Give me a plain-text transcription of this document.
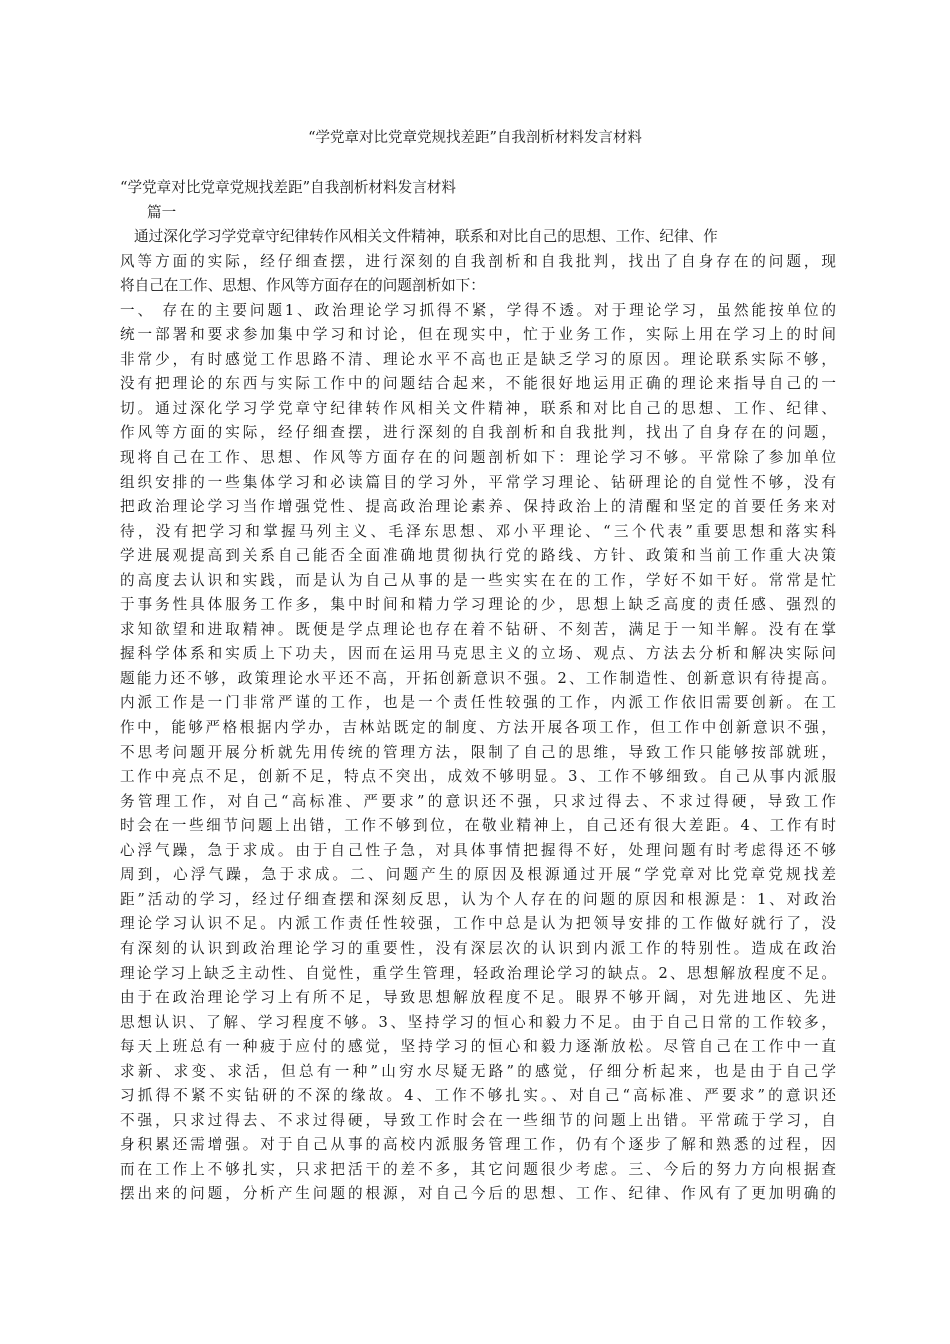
“学党章对比党章党规找差距”自我剖析材料发言材料
“学党章对比党章党规找差距”自我剖析材料发言材料
篇一
通过深化学习学党章守纪律转作风相关文件精神，联系和对比自己的思想、工作、纪律、作
风等方面的实际，经仔细查摆，进行深刻的自我剖析和自我批判，找出了自身存在的问题，现
将自己在工作、思想、作风等方面存在的问题剖析如下：
一、 存在的主要问题1、政治理论学习抓得不紧，学得不透。对于理论学习，虽然能按单位的
统一部署和要求参加集中学习和讨论，但在现实中，忙于业务工作，实际上用在学习上的时间
非常少，有时感觉工作思路不清、理论水平不高也正是缺乏学习的原因。理论联系实际不够，
没有把理论的东西与实际工作中的问题结合起来，不能很好地运用正确的理论来指导自己的一
切。通过深化学习学党章守纪律转作风相关文件精神，联系和对比自己的思想、工作、纪律、
作风等方面的实际，经仔细查摆，进行深刻的自我剖析和自我批判，找出了自身存在的问题，
现将自己在工作、思想、作风等方面存在的问题剖析如下：理论学习不够。平常除了参加单位
组织安排的一些集体学习和必读篇目的学习外，平常学习理论、钻研理论的自觉性不够，没有
把政治理论学习当作增强党性、提高政治理论素养、保持政治上的清醒和坚定的首要任务来对
待，没有把学习和掌握马列主义、毛泽东思想、邓小平理论、“三个代表”重要思想和落实科
学进展观提高到关系自己能否全面准确地贯彻执行党的路线、方针、政策和当前工作重大决策
的高度去认识和实践，而是认为自己从事的是一些实实在在的工作，学好不如干好。常常是忙
于事务性具体服务工作多，集中时间和精力学习理论的少，思想上缺乏高度的责任感、强烈的
求知欲望和进取精神。既便是学点理论也存在着不钻研、不刻苦，满足于一知半解。没有在掌
握科学体系和实质上下功夫，因而在运用马克思主义的立场、观点、方法去分析和解决实际问
题能力还不够，政策理论水平还不高，开拓创新意识不强。2、工作制造性、创新意识有待提高。
内派工作是一门非常严谨的工作，也是一个责任性较强的工作，内派工作依旧需要创新。在工
作中，能够严格根据内学办，吉林站既定的制度、方法开展各项工作，但工作中创新意识不强，
不思考问题开展分析就先用传统的管理方法，限制了自己的思维，导致工作只能够按部就班，
工作中亮点不足，创新不足，特点不突出，成效不够明显。3、工作不够细致。自己从事内派服
务管理工作，对自己“高标准、严要求”的意识还不强，只求过得去、不求过得硬，导致工作
时会在一些细节问题上出错，工作不够到位，在敬业精神上，自己还有很大差距。4、工作有时
心浮气躁，急于求成。由于自己性子急，对具体事情把握得不好，处理问题有时考虑得还不够
周到，心浮气躁，急于求成。二、问题产生的原因及根源通过开展“学党章对比党章党规找差
距”活动的学习，经过仔细查摆和深刻反思，认为个人存在的问题的原因和根源是：1、对政治
理论学习认识不足。内派工作责任性较强，工作中总是认为把领导安排的工作做好就行了，没
有深刻的认识到政治理论学习的重要性，没有深层次的认识到内派工作的特别性。造成在政治
理论学习上缺乏主动性、自觉性，重学生管理，轻政治理论学习的缺点。2、思想解放程度不足。
由于在政治理论学习上有所不足，导致思想解放程度不足。眼界不够开阔，对先进地区、先进
思想认识、了解、学习程度不够。3、坚持学习的恒心和毅力不足。由于自己日常的工作较多，
每天上班总有一种疲于应付的感觉，坚持学习的恒心和毅力逐渐放松。尽管自己在工作中一直
求新、求变、求活，但总有一种”山穷水尽疑无路”的感觉，仔细分析起来，也是由于自己学
习抓得不紧不实钻研的不深的缘故。4、工作不够扎实。、对自己“高标准、严要求”的意识还
不强，只求过得去、不求过得硬，导致工作时会在一些细节的问题上出错。平常疏于学习，自
身积累还需增强。对于自己从事的高校内派服务管理工作，仍有个逐步了解和熟悉的过程，因
而在工作上不够扎实，只求把活干的差不多，其它问题很少考虑。三、今后的努力方向根据查
摆出来的问题，分析产生问题的根源，对自己今后的思想、工作、纪律、作风有了更加明确的
